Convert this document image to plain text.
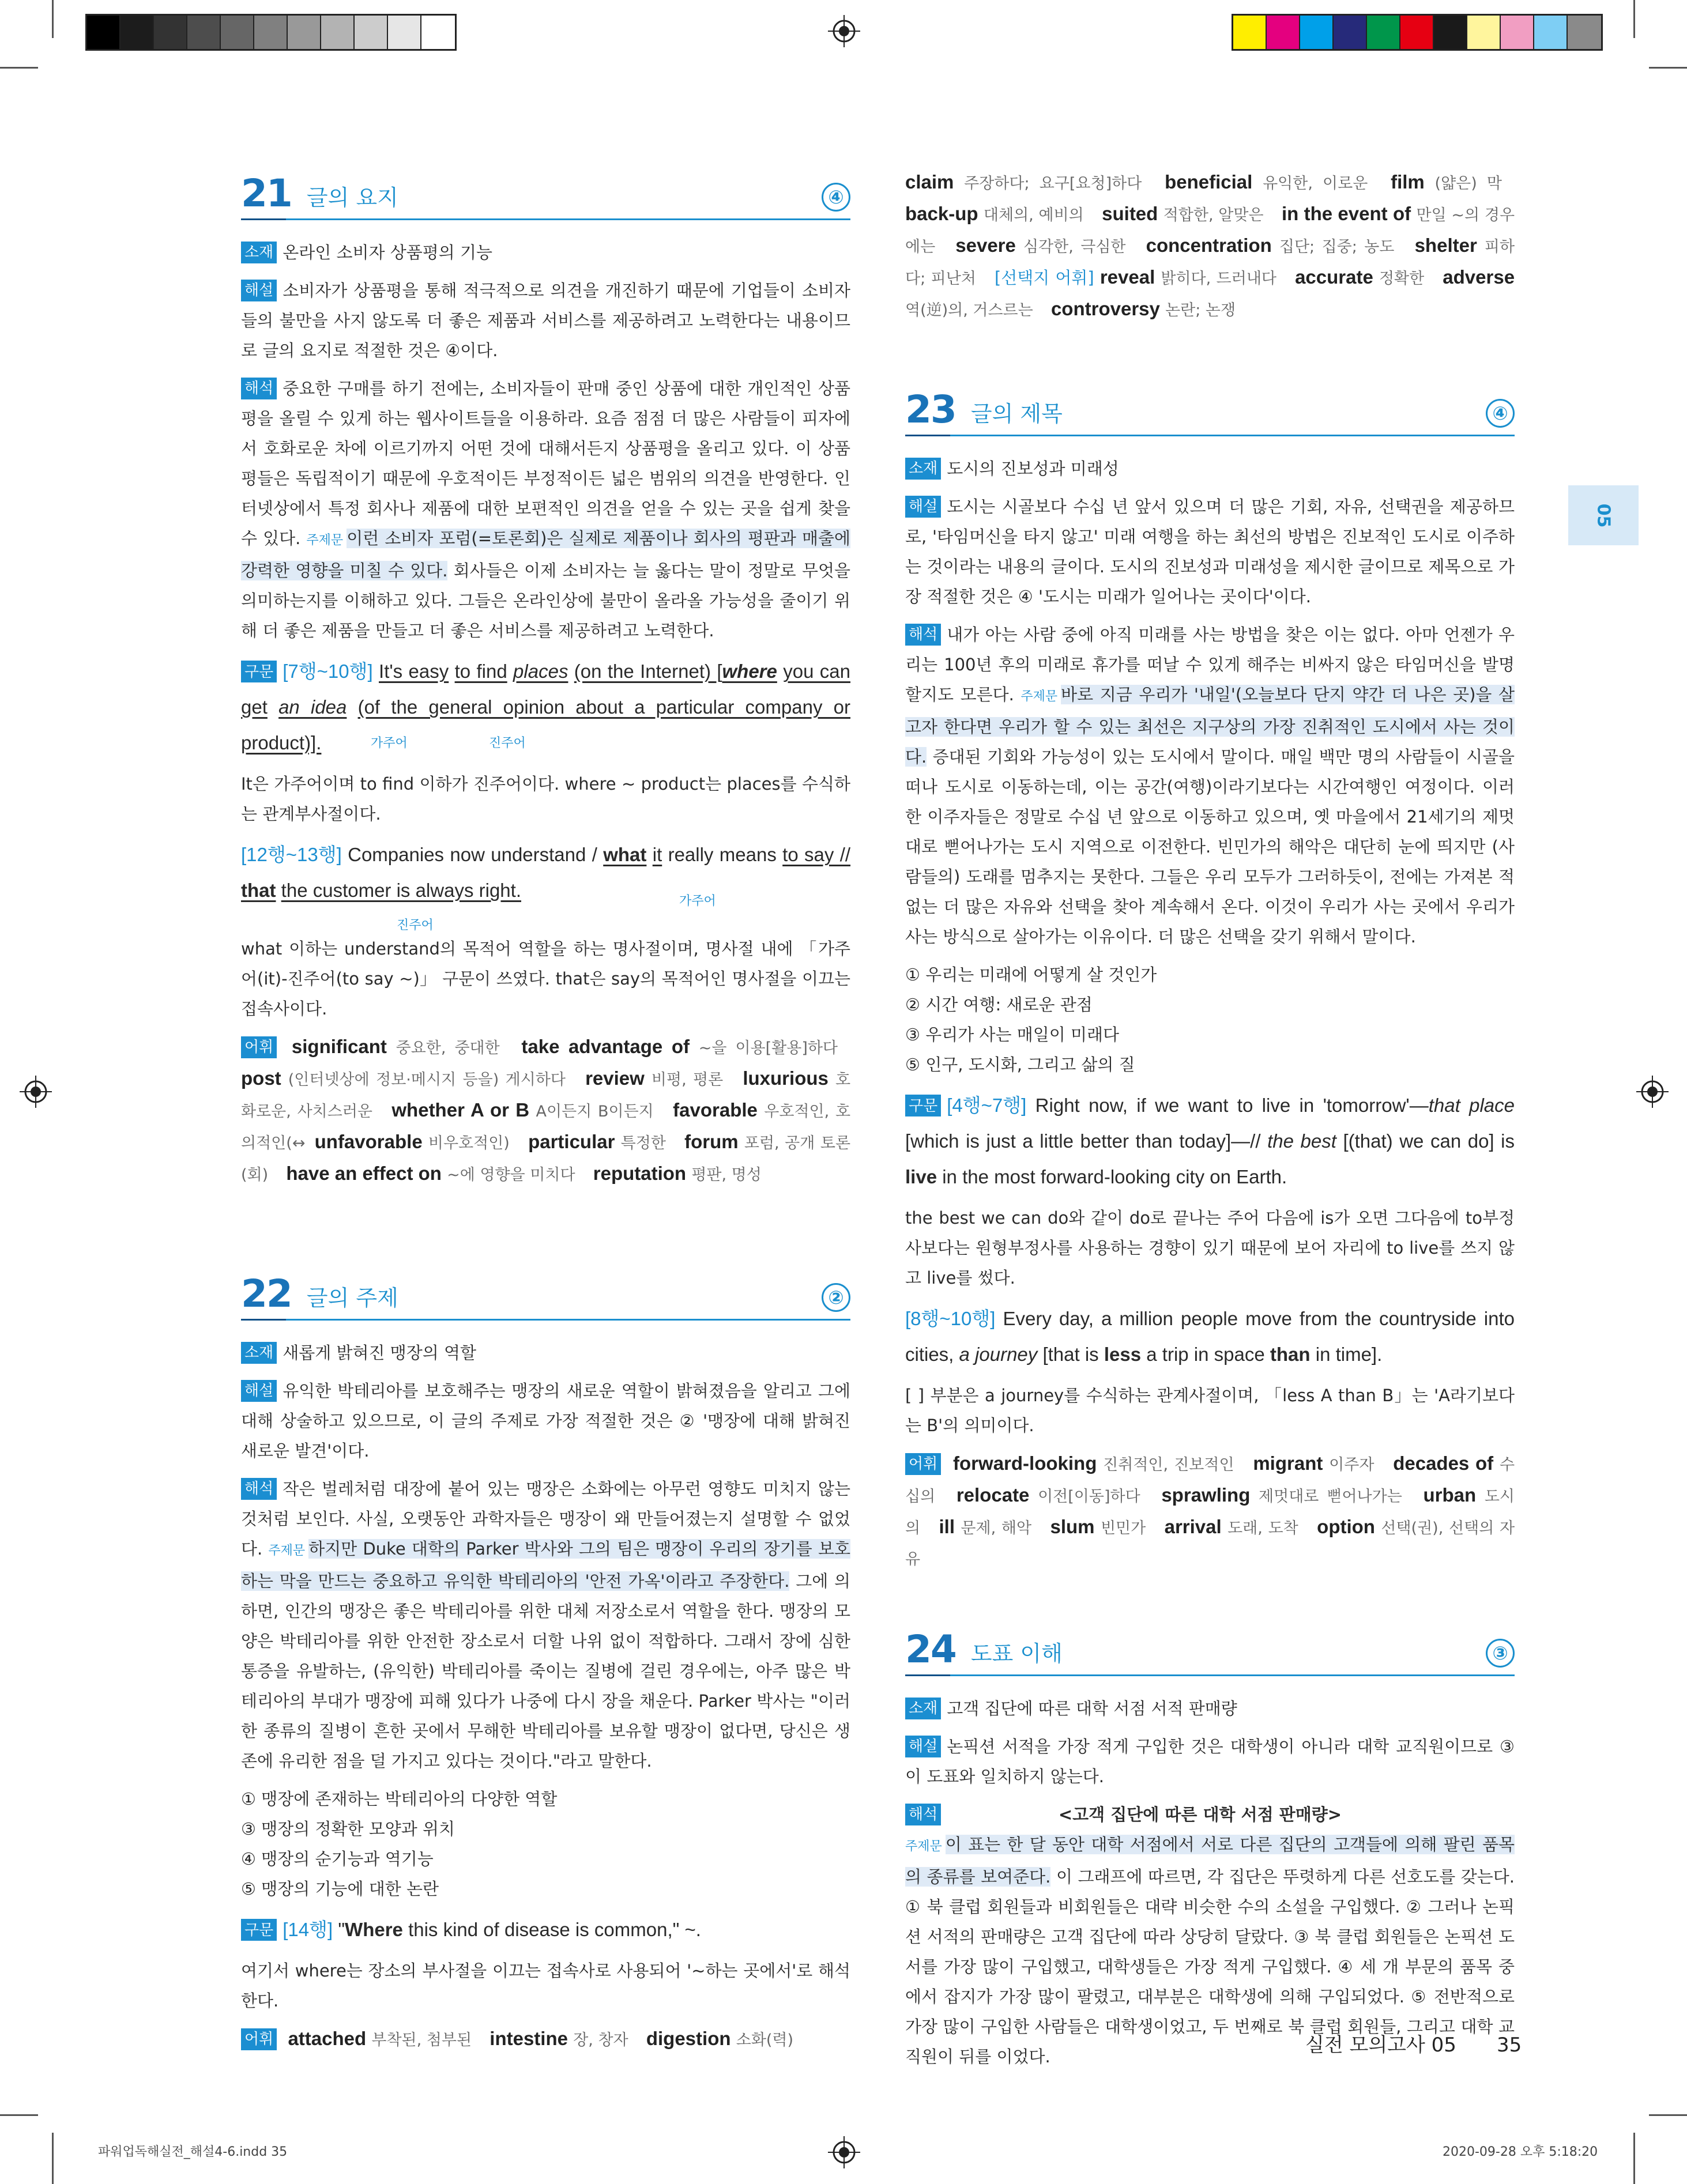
21 글의 요지	④
소재 온라인 소비자 상품평의 기능
해설 소비자가 상품평을 통해 적극적으로 의견을 개진하기 때문에 기업들이 소비자들의 불만을 사지 않도록 더 좋은 제품과 서비스를 제공하려고 노력한다는 내용이므로 글의 요지로 적절한 것은 ④이다.
해석 중요한 구매를 하기 전에는, 소비자들이 판매 중인 상품에 대한 개인적인 상품평을 올릴 수 있게 하는 웹사이트들을 이용하라. 요즘 점점 더 많은 사람들이 피자에서 호화로운 차에 이르기까지 어떤 것에 대해서든지 상품평을 올리고 있다. 이 상품평들은 독립적이기 때문에 우호적이든 부정적이든 넓은 범위의 의견을 반영한다. 인터넷상에서 특정 회사나 제품에 대한 보편적인 의견을 얻을 수 있는 곳을 쉽게 찾을 수 있다. 주제문 이런 소비자 포럼(=토론회)은 실제로 제품이나 회사의 평판과 매출에 강력한 영향을 미칠 수 있다. 회사들은 이제 소비자는 늘 옳다는 말이 정말로 무엇을 의미하는지를 이해하고 있다. 그들은 온라인상에 불만이 올라올 가능성을 줄이기 위해 더 좋은 제품을 만들고 더 좋은 서비스를 제공하려고 노력한다.
구문 [7행~10행] It's easy to find places (on the Internet) [where you can get an idea (of the general opinion about a particular company or product)].	가주어	진주어
It은 가주어이며 to find 이하가 진주어이다. where ~ product는 places를 수식하는 관계부사절이다.
[12행~13행] Companies now understand / what it really means to say // that the customer is always right.
진주어
가주어
what 이하는 understand의 목적어 역할을 하는 명사절이며, 명사절 내에 「가주어(it)-진주어(to say ~)」 구문이 쓰였다. that은 say의 목적어인 명사절을 이끄는 접속사이다.
어휘 significant 중요한, 중대한 take advantage of ~을 이용[활용]하다 post (인터넷상에 정보·메시지 등을) 게시하다 review 비평, 평론 luxurious 호화로운, 사치스러운 whether A or B A이든지 B이든지 favorable 우호적인, 호의적인(↔ unfavorable 비우호적인) particular 특정한 forum 포럼, 공개 토론(회) have an effect on ~에 영향을 미치다 reputation 평판, 명성
22 글의 주제	②
소재 새롭게 밝혀진 맹장의 역할
해설 유익한 박테리아를 보호해주는 맹장의 새로운 역할이 밝혀졌음을 알리고 그에 대해 상술하고 있으므로, 이 글의 주제로 가장 적절한 것은 ② '맹장에 대해 밝혀진 새로운 발견'이다.
해석 작은 벌레처럼 대장에 붙어 있는 맹장은 소화에는 아무런 영향도 미치지 않는 것처럼 보인다. 사실, 오랫동안 과학자들은 맹장이 왜 만들어졌는지 설명할 수 없었다. 주제문 하지만 Duke 대학의 Parker 박사와 그의 팀은 맹장이 우리의 장기를 보호하는 막을 만드는 중요하고 유익한 박테리아의 '안전 가옥'이라고 주장한다. 그에 의하면, 인간의 맹장은 좋은 박테리아를 위한 대체 저장소로서 역할을 한다. 맹장의 모양은 박테리아를 위한 안전한 장소로서 더할 나위 없이 적합하다. 그래서 장에 심한 통증을 유발하는, (유익한) 박테리아를 죽이는 질병에 걸린 경우에는, 아주 많은 박테리아의 부대가 맹장에 피해 있다가 나중에 다시 장을 채운다. Parker 박사는 "이러한 종류의 질병이 흔한 곳에서 무해한 박테리아를 보유할 맹장이 없다면, 당신은 생존에 유리한 점을 덜 가지고 있다는 것이다."라고 말한다.
① 맹장에 존재하는 박테리아의 다양한 역할
③ 맹장의 정확한 모양과 위치
④ 맹장의 순기능과 역기능
⑤ 맹장의 기능에 대한 논란
구문 [14행] "Where this kind of disease is common," ~.
여기서 where는 장소의 부사절을 이끄는 접속사로 사용되어 '~하는 곳에서'로 해석한다.
어휘 attached 부착된, 첨부된 intestine 장, 창자 digestion 소화(력)
claim 주장하다; 요구[요청]하다 beneficial 유익한, 이로운 film (얇은) 막 back-up 대체의, 예비의 suited 적합한, 알맞은 in the event of 만일 ~의 경우에는 severe 심각한, 극심한 concentration 집단; 집중; 농도 shelter 피하다; 피난처 [선택지 어휘] reveal 밝히다, 드러내다 accurate 정확한 adverse 역(逆)의, 거스르는 controversy 논란; 논쟁
23 글의 제목	④
소재 도시의 진보성과 미래성
해설 도시는 시골보다 수십 년 앞서 있으며 더 많은 기회, 자유, 선택권을 제공하므로, '타임머신을 타지 않고' 미래 여행을 하는 최선의 방법은 진보적인 도시로 이주하는 것이라는 내용의 글이다. 도시의 진보성과 미래성을 제시한 글이므로 제목으로 가장 적절한 것은 ④ '도시는 미래가 일어나는 곳이다'이다.
해석 내가 아는 사람 중에 아직 미래를 사는 방법을 찾은 이는 없다. 아마 언젠가 우리는 100년 후의 미래로 휴가를 떠날 수 있게 해주는 비싸지 않은 타임머신을 발명할지도 모른다. 주제문 바로 지금 우리가 '내일'(오늘보다 단지 약간 더 나은 곳)을 살고자 한다면 우리가 할 수 있는 최선은 지구상의 가장 진취적인 도시에서 사는 것이다. 증대된 기회와 가능성이 있는 도시에서 말이다. 매일 백만 명의 사람들이 시골을 떠나 도시로 이동하는데, 이는 공간(여행)이라기보다는 시간여행인 여정이다. 이러한 이주자들은 정말로 수십 년 앞으로 이동하고 있으며, 옛 마을에서 21세기의 제멋대로 뻗어나가는 도시 지역으로 이전한다. 빈민가의 해악은 대단히 눈에 띄지만 (사람들의) 도래를 멈추지는 못한다. 그들은 우리 모두가 그러하듯이, 전에는 가져본 적 없는 더 많은 자유와 선택을 찾아 계속해서 온다. 이것이 우리가 사는 곳에서 우리가 사는 방식으로 살아가는 이유이다. 더 많은 선택을 갖기 위해서 말이다.
① 우리는 미래에 어떻게 살 것인가
② 시간 여행: 새로운 관점
③ 우리가 사는 매일이 미래다
⑤ 인구, 도시화, 그리고 삶의 질
구문 [4행~7행] Right now, if we want to live in 'tomorrow'—that place [which is just a little better than today]—// the best [(that) we can do] is live in the most forward-looking city on Earth.
the best we can do와 같이 do로 끝나는 주어 다음에 is가 오면 그다음에 to부정사보다는 원형부정사를 사용하는 경향이 있기 때문에 보어 자리에 to live를 쓰지 않고 live를 썼다.
[8행~10행] Every day, a million people move from the countryside into cities, a journey [that is less a trip in space than in time].
[ ] 부분은 a journey를 수식하는 관계사절이며, 「less A than B」는 'A라기보다는 B'의 의미이다.
어휘 forward-looking 진취적인, 진보적인 migrant 이주자 decades of 수십의 relocate 이전[이동]하다 sprawling 제멋대로 뻗어나가는 urban 도시의 ill 문제, 해악 slum 빈민가 arrival 도래, 도착 option 선택(권), 선택의 자유
24 도표 이해	③
소재 고객 집단에 따른 대학 서점 서적 판매량
해설 논픽션 서적을 가장 적게 구입한 것은 대학생이 아니라 대학 교직원이므로 ③이 도표와 일치하지 않는다.
해석	<고객 집단에 따른 대학 서점 판매량>
주제문 이 표는 한 달 동안 대학 서점에서 서로 다른 집단의 고객들에 의해 팔린 품목의 종류를 보여준다. 이 그래프에 따르면, 각 집단은 뚜렷하게 다른 선호도를 갖는다. ① 북 클럽 회원들과 비회원들은 대략 비슷한 수의 소설을 구입했다. ② 그러나 논픽션 서적의 판매량은 고객 집단에 따라 상당히 달랐다. ③ 북 클럽 회원들은 논픽션 도서를 가장 많이 구입했고, 대학생들은 가장 적게 구입했다. ④ 세 개 부문의 품목 중에서 잡지가 가장 많이 팔렸고, 대부분은 대학생에 의해 구입되었다. ⑤ 전반적으로 가장 많이 구입한 사람들은 대학생이었고, 두 번째로 북 클럽 회원들, 그리고 대학 교직원이 뒤를 이었다.
05
실전 모의고사 05 35
파워업독해실전_해설4-6.indd 35	2020-09-28 오후 5:18:20
